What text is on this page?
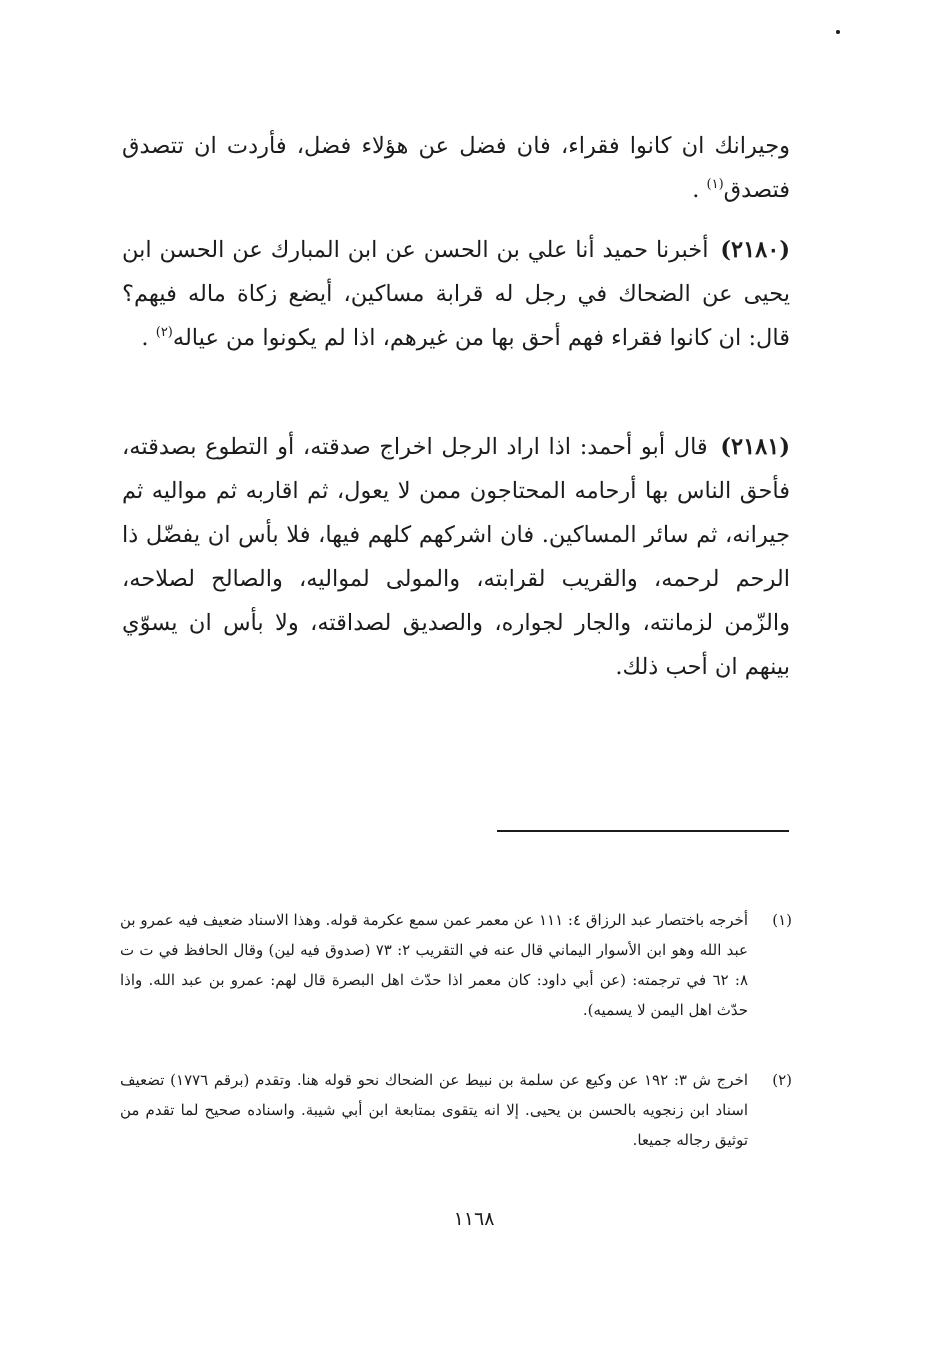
وجيرانك ان كانوا فقراء، فان فضل عن هؤلاء فضل، فأردت ان تتصدق فتصدق$^{(١)}$ .

(٢١٨٠) أخبرنا حميد أنا علي بن الحسن عن ابن المبارك عن الحسن ابن يحيى عن الضحاك في رجل له قرابة مساكين، أيضع زكاة ماله فيهم؟ قال: ان كانوا فقراء فهم أحق بها من غيرهم، اذا لم يكونوا من عياله$^{(٢)}$ .

(٢١٨١) قال أبو أحمد: اذا اراد الرجل اخراج صدقته، أو التطوع بصدقته، فأحق الناس بها أرحامه المحتاجون ممن لا يعول، ثم اقاربه ثم مواليه ثم جيرانه، ثم سائر المساكين. فان اشركهم كلهم فيها، فلا بأس ان يفضّل ذا الرحم لرحمه، والقريب لقرابته، والمولى لمواليه، والصالح لصلاحه، والزّمن لزمانته، والجار لجواره، والصديق لصداقته، ولا بأس ان يسوّي بينهم ان أحب ذلك.

(١)
أخرجه باختصار عبد الرزاق ٤: ١١١ عن معمر عمن سمع عكرمة قوله. وهذا الاسناد ضعيف فيه عمرو بن عبد الله وهو ابن الأسوار اليماني قال عنه في التقريب ٢: ٧٣ (صدوق فيه لين) وقال الحافظ في ت ت ٨: ٦٢ في ترجمته: (عن أبي داود: كان معمر اذا حدّث اهل البصرة قال لهم: عمرو بن عبد الله. واذا حدّث اهل اليمن لا يسميه).
(٢)
اخرج ش ٣: ١٩٢ عن وكيع عن سلمة بن نبيط عن الضحاك نحو قوله هنا. وتقدم (برقم ١٧٧٦) تضعيف اسناد ابن زنجويه بالحسن بن يحيى. إلا انه يتقوى بمتابعة ابن أبي شيبة. واسناده صحيح لما تقدم من توثيق رجاله جميعا.
١١٦٨
